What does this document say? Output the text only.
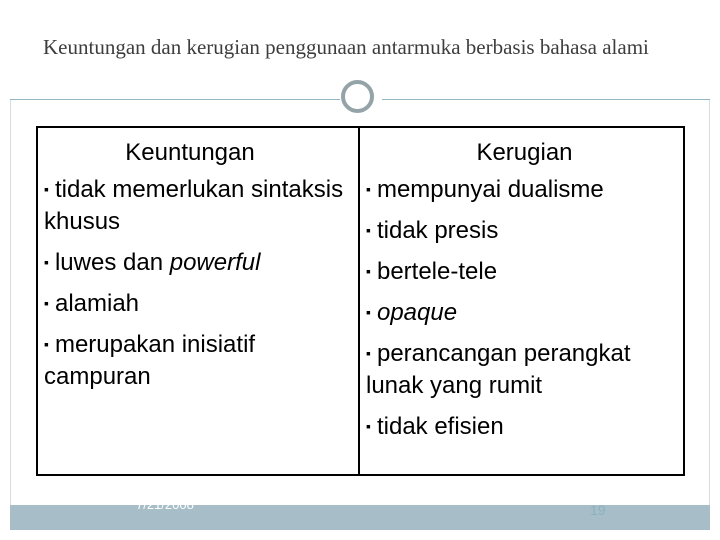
Keuntungan dan kerugian penggunaan antarmuka berbasis bahasa alami
Keuntungan
▪ tidak memerlukan sintaksis khusus
▪ luwes dan powerful
▪ alamiah
▪ merupakan inisiatif campuran
Kerugian
▪ mempunyai dualisme
▪ tidak presis
▪ bertele-tele
▪ opaque
▪ perancangan perangkat lunak yang rumit
▪ tidak efisien
7/21/2008	19
